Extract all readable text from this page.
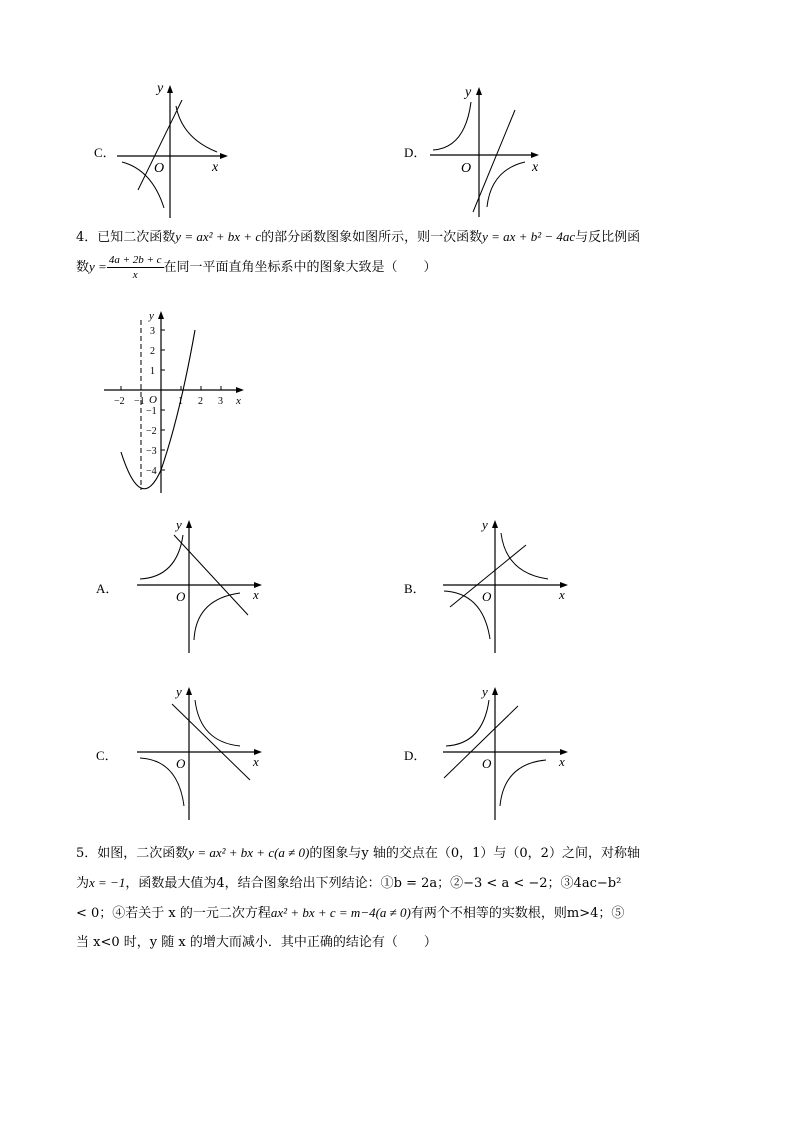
C．
y
x
O
D．
y
x
O
4．已知二次函数y = ax² + bx + c的部分函数图象如图所示，则一次函数y = ax + b² − 4ac与反比例函
数$y = \frac{4a + 2b + c}{x}$ 在同一平面直角坐标系中的图象大致是（　　）
y
x
O
−2 −1	1 2 3
3
2
1
−1
−2
−3
−4
A．
y
x
O
B．
y
x
O
C．
y
x
O
D．
y
x
O
5．如图，二次函数y = ax² + bx + c(a ≠ 0)的图象与y 轴的交点在（0，1）与（0，2）之间，对称轴
为x = −1，函数最大值为4，结合图象给出下列结论：①b = 2a；②−3 < a < −2；③4ac−b²
< 0；④若关于 x 的一元二次方程ax² + bx + c = m−4(a ≠ 0)有两个不相等的实数根，则m>4；⑤
当 x<0 时，y 随 x 的增大而减小．其中正确的结论有（　　）
